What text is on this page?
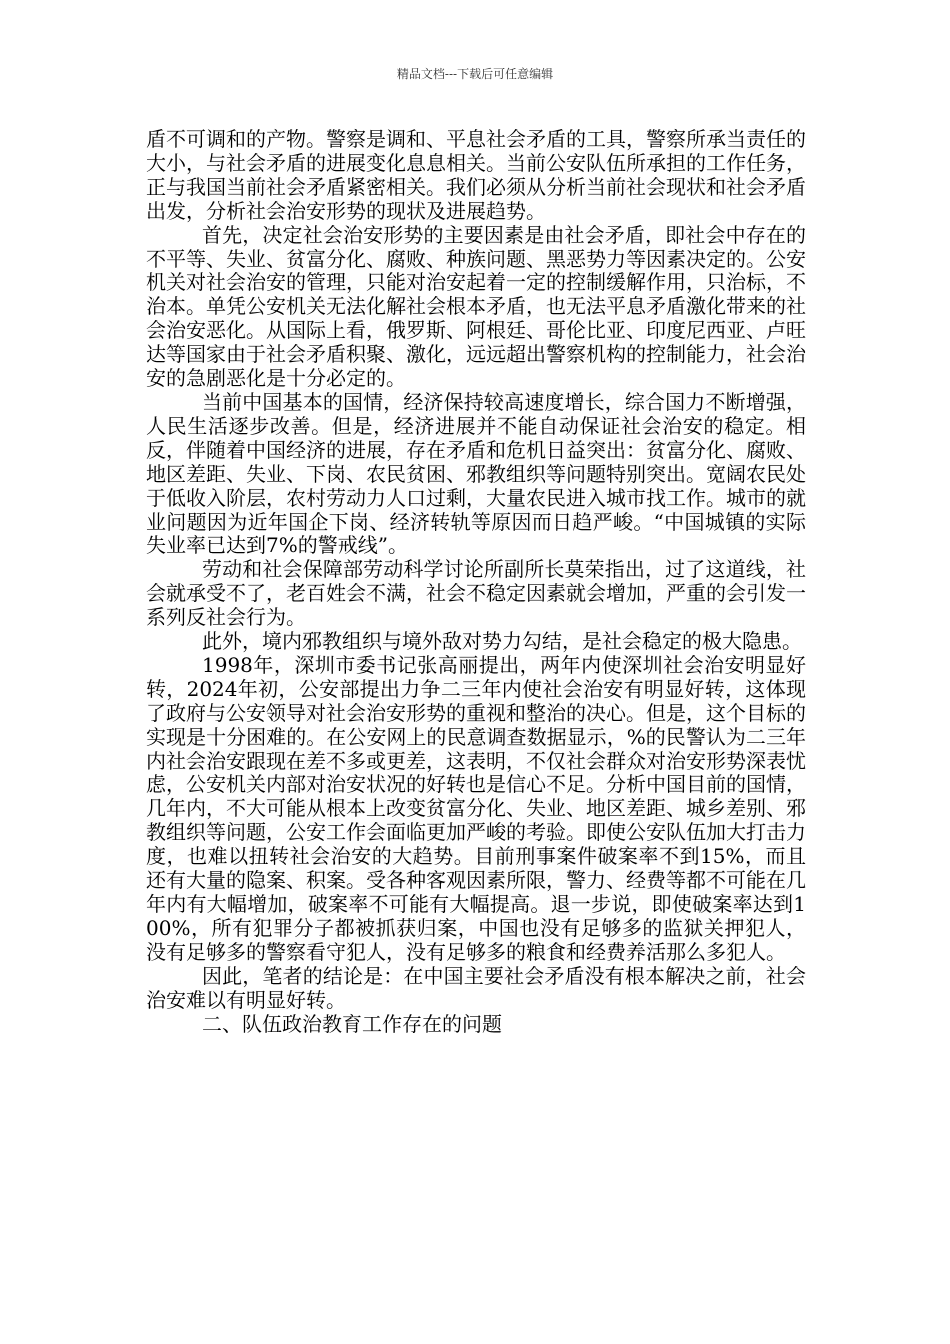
精品文档---下载后可任意编辑

盾不可调和的产物。警察是调和、平息社会矛盾的工具，警察所承当责任的大小，与社会矛盾的进展变化息息相关。当前公安队伍所承担的工作任务，正与我国当前社会矛盾紧密相关。我们必须从分析当前社会现状和社会矛盾出发，分析社会治安形势的现状及进展趋势。

首先，决定社会治安形势的主要因素是由社会矛盾，即社会中存在的不平等、失业、贫富分化、腐败、种族问题、黑恶势力等因素决定的。公安机关对社会治安的管理，只能对治安起着一定的控制缓解作用，只治标，不治本。单凭公安机关无法化解社会根本矛盾，也无法平息矛盾激化带来的社会治安恶化。从国际上看，俄罗斯、阿根廷、哥伦比亚、印度尼西亚、卢旺达等国家由于社会矛盾积聚、激化，远远超出警察机构的控制能力，社会治安的急剧恶化是十分必定的。

当前中国基本的国情，经济保持较高速度增长，综合国力不断增强，人民生活逐步改善。但是，经济进展并不能自动保证社会治安的稳定。相反，伴随着中国经济的进展，存在矛盾和危机日益突出：贫富分化、腐败、地区差距、失业、下岗、农民贫困、邪教组织等问题特别突出。宽阔农民处于低收入阶层，农村劳动力人口过剩，大量农民进入城市找工作。城市的就业问题因为近年国企下岗、经济转轨等原因而日趋严峻。“中国城镇的实际失业率已达到7%的警戒线”。

劳动和社会保障部劳动科学讨论所副所长莫荣指出，过了这道线，社会就承受不了，老百姓会不满，社会不稳定因素就会增加，严重的会引发一系列反社会行为。

此外，境内邪教组织与境外敌对势力勾结，是社会稳定的极大隐患。

1998年，深圳市委书记张高丽提出，两年内使深圳社会治安明显好转，2024年初，公安部提出力争二三年内使社会治安有明显好转，这体现了政府与公安领导对社会治安形势的重视和整治的决心。但是，这个目标的实现是十分困难的。在公安网上的民意调查数据显示，%的民警认为二三年内社会治安跟现在差不多或更差，这表明，不仅社会群众对治安形势深表忧虑，公安机关内部对治安状况的好转也是信心不足。分析中国目前的国情，几年内，不大可能从根本上改变贫富分化、失业、地区差距、城乡差别、邪教组织等问题，公安工作会面临更加严峻的考验。即使公安队伍加大打击力度，也难以扭转社会治安的大趋势。目前刑事案件破案率不到15%，而且还有大量的隐案、积案。受各种客观因素所限，警力、经费等都不可能在几年内有大幅增加，破案率不可能有大幅提高。退一步说，即使破案率达到100%，所有犯罪分子都被抓获归案，中国也没有足够多的监狱关押犯人，没有足够多的警察看守犯人，没有足够多的粮食和经费养活那么多犯人。

因此，笔者的结论是：在中国主要社会矛盾没有根本解决之前，社会治安难以有明显好转。

二、队伍政治教育工作存在的问题
